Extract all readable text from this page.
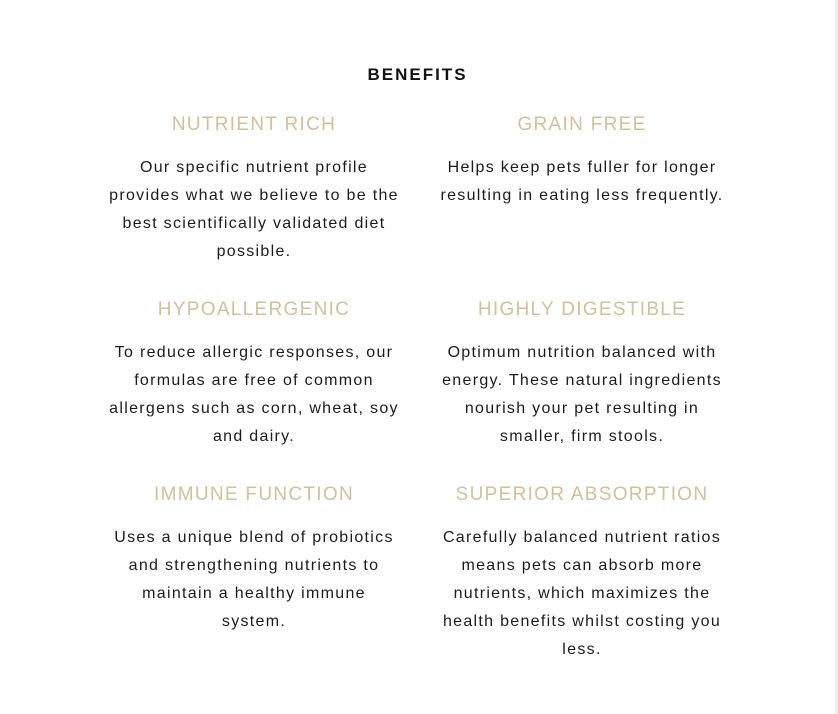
BENEFITS
NUTRIENT RICH

Our specific nutrient profile provides what we believe to be the best scientifically validated diet possible.

GRAIN FREE

Helps keep pets fuller for longer resulting in eating less frequently.

HYPOALLERGENIC

To reduce allergic responses, our formulas are free of common allergens such as corn, wheat, soy and dairy.

HIGHLY DIGESTIBLE

Optimum nutrition balanced with energy. These natural ingredients nourish your pet resulting in smaller, firm stools.

IMMUNE FUNCTION

Uses a unique blend of probiotics and strengthening nutrients to maintain a healthy immune system.

SUPERIOR ABSORPTION

Carefully balanced nutrient ratios means pets can absorb more nutrients, which maximizes the health benefits whilst costing you less.
